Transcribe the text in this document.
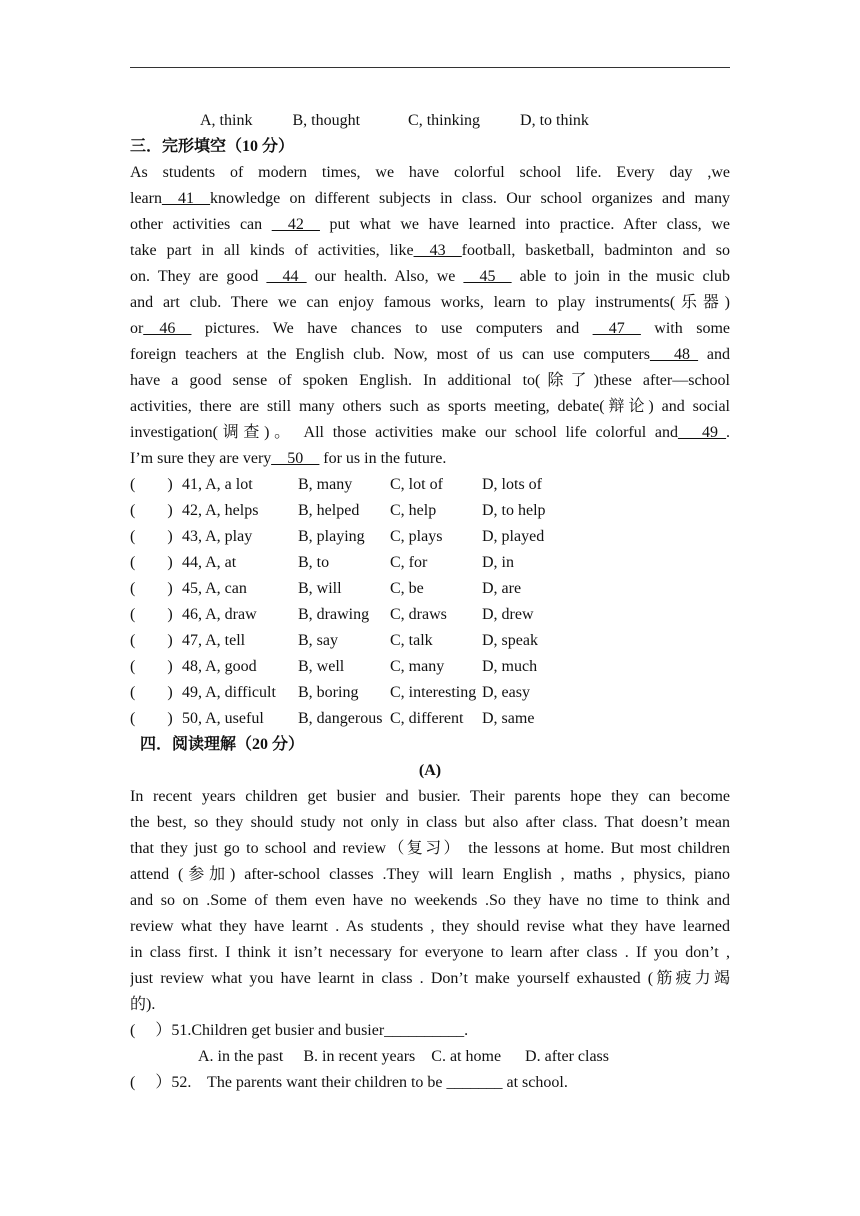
A, think	B, thought	C, thinking	D, to think
三．完形填空（10 分）
As students of modern times, we have colorful school life. Every day ,we
learn__41__knowledge on different subjects in class. Our school organizes and many
other activities can __42__ put what we have learned into practice. After class, we
take part in all kinds of activities, like__43__football, basketball, badminton and so
on. They are good __44_ our health. Also, we __45__ able to join in the music club
and art club. There we can enjoy famous works, learn to play instruments(乐器)
or__46__ pictures. We have chances to use computers and __47__ with some
foreign teachers at the English club. Now, most of us can use computers___48_ and
have a good sense of spoken English. In additional to(除了)these after—school
activities, there are still many others such as sports meeting, debate(辩论) and social
investigation(调查)。 All those activities make our school life colorful and___49_.
I’m sure they are very__50__ for us in the future.
(　　) 41, A, a lot	B, many	C, lot of	D, lots of
(　　) 42, A, helps	B, helped	C, help	D, to help
(　　) 43, A, play	B, playing	C, plays	D, played
(　　) 44, A, at	B, to	C, for	D, in
(　　) 45, A, can	B, will	C, be	D, are
(　　) 46, A, draw	B, drawing	C, draws	D, drew
(　　) 47, A, tell	B, say	C, talk	D, speak
(　　) 48, A, good	B, well	C, many	D, much
(　　) 49, A, difficult	B, boring	C, interesting D, easy
(　　) 50, A, useful	B, dangerous C, different	D, same
四．阅读理解（20 分）
(A)
In recent years children get busier and busier. Their parents hope they can become
the best, so they should study not only in class but also after class. That doesn’t mean
that they just go to school and review（复习） the lessons at home. But most children
attend (参加) after-school classes .They will learn English , maths , physics, piano
and so on .Some of them even have no weekends .So they have no time to think and
review what they have learnt . As students , they should revise what they have learned
in class first. I think it isn’t necessary for everyone to learn after class . If you don’t ,
just review what you have learnt in class . Don’t make yourself exhausted (筋疲力竭
的).
(　 ）51.Children get busier and busier__________.
A. in the past     B. in recent years    C. at home      D. after class
(　 ）52.    The parents want their children to be _______ at school.
